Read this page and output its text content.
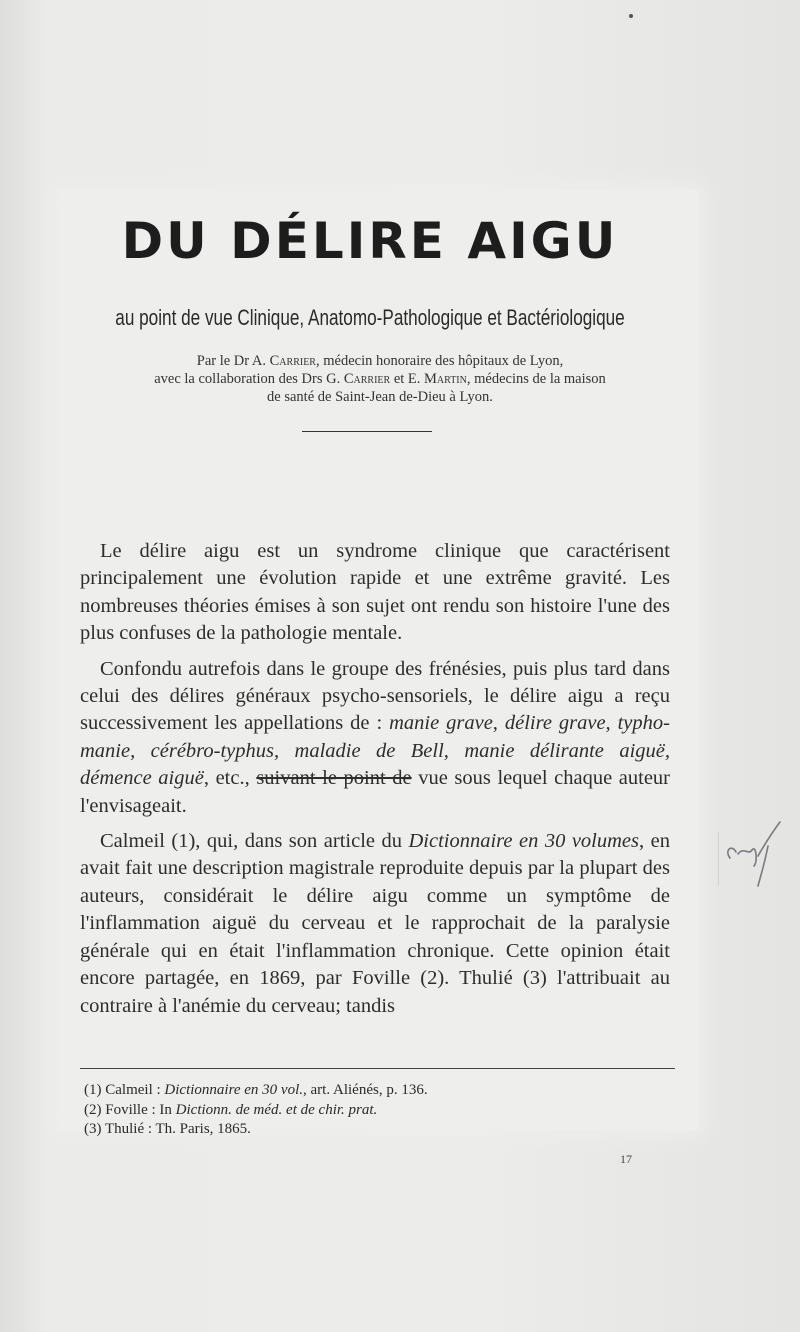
DU DÉLIRE AIGU
au point de vue Clinique, Anatomo-Pathologique et Bactériologique
Par le Dr A. Carrier, médecin honoraire des hôpitaux de Lyon,
avec la collaboration des Drs G. Carrier et E. Martin, médecins de la maison
de santé de Saint-Jean de-Dieu à Lyon.

Le délire aigu est un syndrome clinique que caractérisent principalement une évolution rapide et une extrême gravité. Les nombreuses théories émises à son sujet ont rendu son histoire l'une des plus confuses de la pathologie mentale.

Confondu autrefois dans le groupe des frénésies, puis plus tard dans celui des délires généraux psycho-sensoriels, le délire aigu a reçu successivement les appellations de : manie grave, délire grave, typho-manie, cérébro-typhus, maladie de Bell, manie délirante aiguë, démence aiguë, etc., suivant le point de vue sous lequel chaque auteur l'envisageait.

Calmeil (1), qui, dans son article du Dictionnaire en 30 volumes, en avait fait une description magistrale reproduite depuis par la plupart des auteurs, considérait le délire aigu comme un symptôme de l'inflammation aiguë du cerveau et le rapprochait de la paralysie générale qui en était l'inflammation chronique. Cette opinion était encore partagée, en 1869, par Foville (2). Thulié (3) l'attribuait au contraire à l'anémie du cerveau; tandis

(1) Calmeil : Dictionnaire en 30 vol., art. Aliénés, p. 136.
(2) Foville : In Dictionn. de méd. et de chir. prat.
(3) Thulié : Th. Paris, 1865.
17
